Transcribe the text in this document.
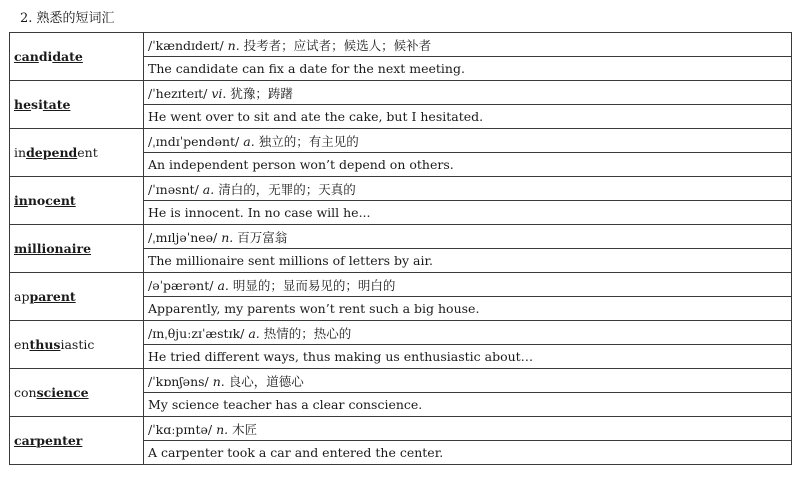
2. 熟悉的短词汇
candidate	/ˈkændɪdeɪt/ n. 投考者；应试者；候选人；候补者
	The candidate can fix a date for the next meeting.
hesitate	/ˈhezɪteɪt/ vi. 犹豫；踌躇
	He went over to sit and ate the cake, but I hesitated.
independent	/ˌɪndɪˈpendənt/ a. 独立的；有主见的
	An independent person won’t depend on others.
innocent	/ˈɪnəsnt/ a. 清白的，无罪的；天真的
	He is innocent. In no case will he...
millionaire	/ˌmɪljəˈneə/ n. 百万富翁
	The millionaire sent millions of letters by air.
apparent	/əˈpærənt/ a. 明显的；显而易见的；明白的
	Apparently, my parents won’t rent such a big house.
enthusiastic	/ɪnˌθjuːzɪˈæstɪk/ a. 热情的；热心的
	He tried different ways, thus making us enthusiastic about…
conscience	/ˈkɒnʃəns/ n. 良心，道德心
	My science teacher has a clear conscience.
carpenter	/ˈkɑːpɪntə/ n. 木匠
	A carpenter took a car and entered the center.
